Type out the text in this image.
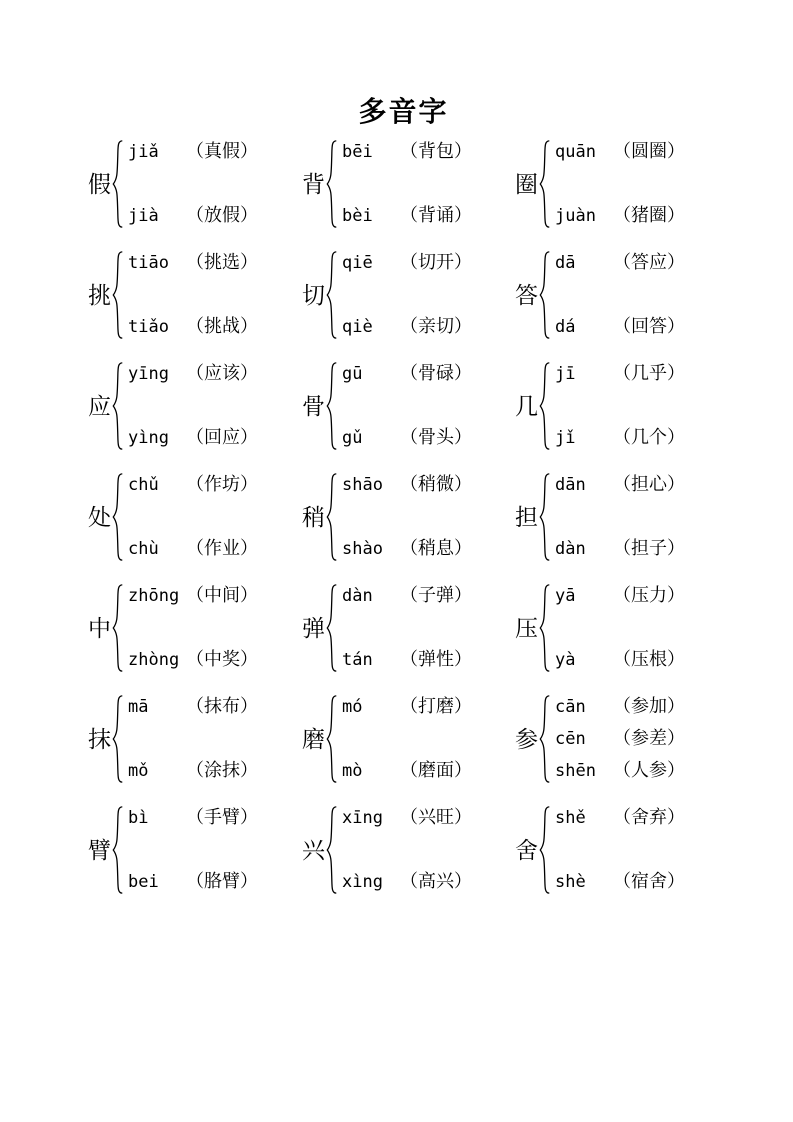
多音字
假
jiǎ	（真假）
jià	（放假）
背
bēi	（背包）
bèi	（背诵）
圈
quān （圆圈）
juàn （猪圈）
挑
tiāo （挑选）
tiǎo （挑战）
切
qiē	（切开）
qiè	（亲切）
答
dā	（答应）
dá	（回答）
应
yīng （应该）
yìng （回应）
骨
gū	（骨碌）
gǔ	（骨头）
几
jī	（几乎）
jǐ	（几个）
处
chǔ	（作坊）
chù	（作业）
稍
shāo （稍微）
shào （稍息）
担
dān	（担心）
dàn	（担子）
中
zhōng （中间）
zhòng （中奖）
弹
dàn	（子弹）
tán	（弹性）
压
yā	（压力）
yà	（压根）
抹
mā	（抹布）
mǒ	（涂抹）
磨
mó	（打磨）
mò	（磨面）
参
cān	（参加）
cēn	（参差）
shēn （人参）
臂
bì	（手臂）
bei	（胳臂）
兴
xīng （兴旺）
xìng （高兴）
舍
shě	（舍弃）
shè	（宿舍）
